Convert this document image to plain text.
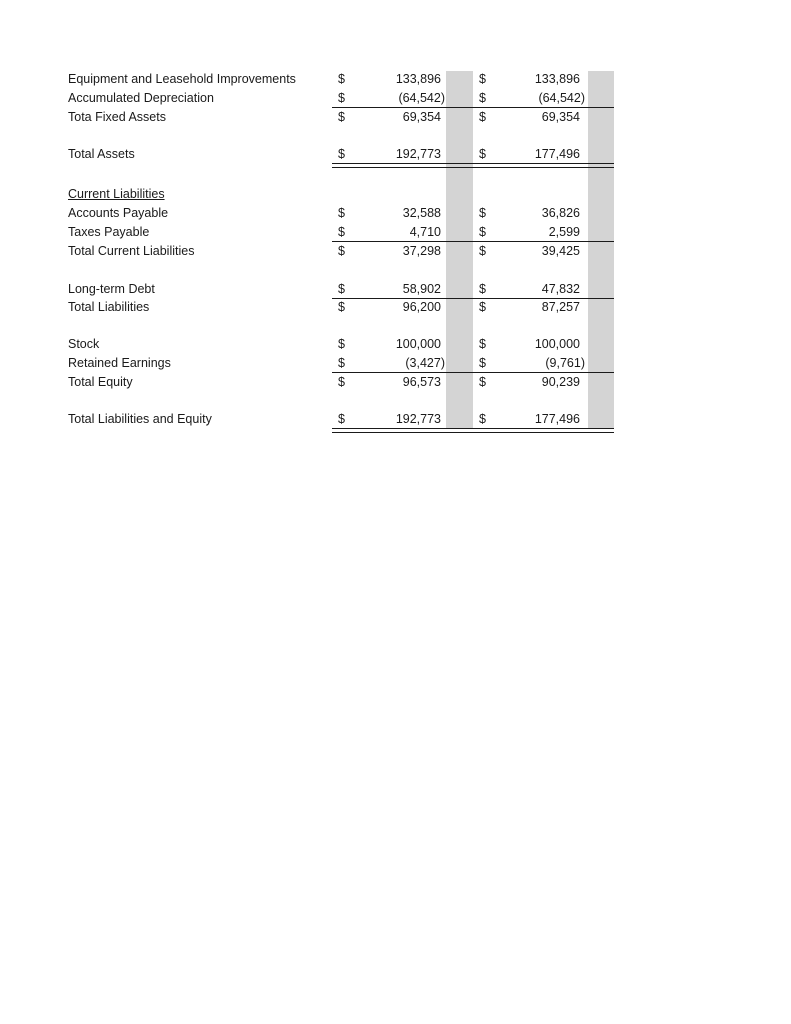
Equipment and Leasehold Improvements	$	133,896	$	133,896
Accumulated Depreciation	$	(64,542)	$	(64,542)
Tota Fixed Assets	$	69,354	$	69,354
Total Assets	$	192,773	$	177,496
Current Liabilities
Accounts Payable	$	32,588	$	36,826
Taxes Payable	$	4,710	$	2,599
Total Current Liabilities	$	37,298	$	39,425
Long-term Debt	$	58,902	$	47,832
Total Liabilities	$	96,200	$	87,257
Stock	$	100,000	$	100,000
Retained Earnings	$	(3,427)	$	(9,761)
Total Equity	$	96,573	$	90,239
Total Liabilities and Equity	$	192,773	$	177,496
